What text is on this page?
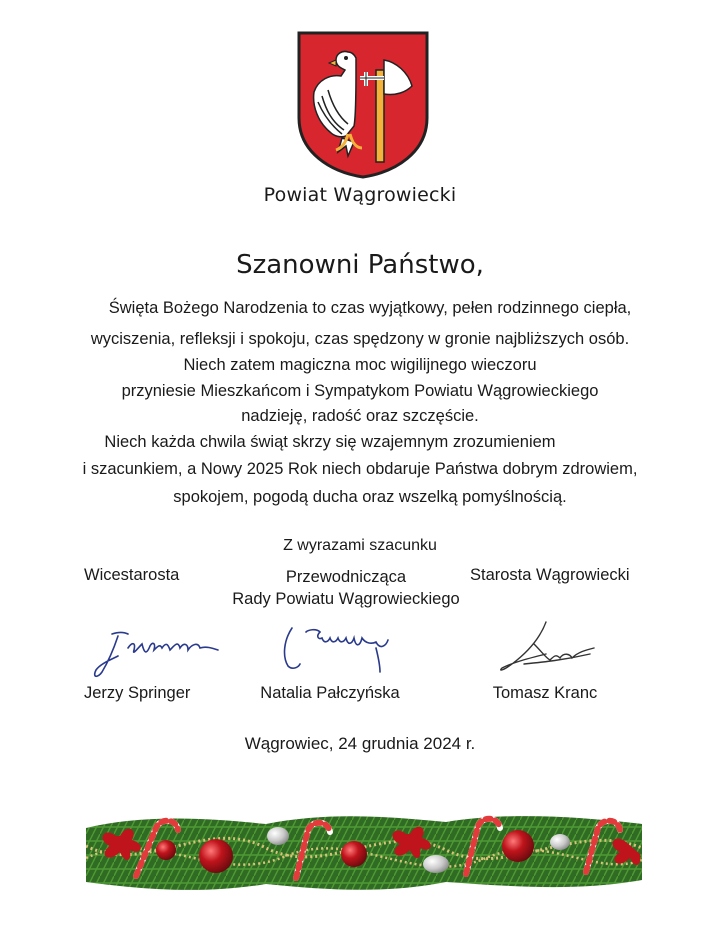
Powiat Wągrowiecki
Szanowni Państwo,
Święta Bożego Narodzenia to czas wyjątkowy, pełen rodzinnego ciepła,
wyciszenia, refleksji i spokoju, czas spędzony w gronie najbliższych osób.
Niech zatem magiczna moc wigilijnego wieczoru
przyniesie Mieszkańcom i Sympatykom Powiatu Wągrowieckiego
nadzieję, radość oraz szczęście.
Niech każda chwila świąt skrzy się wzajemnym zrozumieniem
i szacunkiem, a Nowy 2025 Rok niech obdaruje Państwa dobrym zdrowiem,
spokojem, pogodą ducha oraz wszelką pomyślnością.
Z wyrazami szacunku
Wicestarosta	Przewodnicząca
Rady Powiatu Wągrowieckiego
Starosta Wągrowiecki
Jerzy Springer	Natalia Pałczyńska	Tomasz Kranc
Wągrowiec, 24 grudnia 2024 r.
